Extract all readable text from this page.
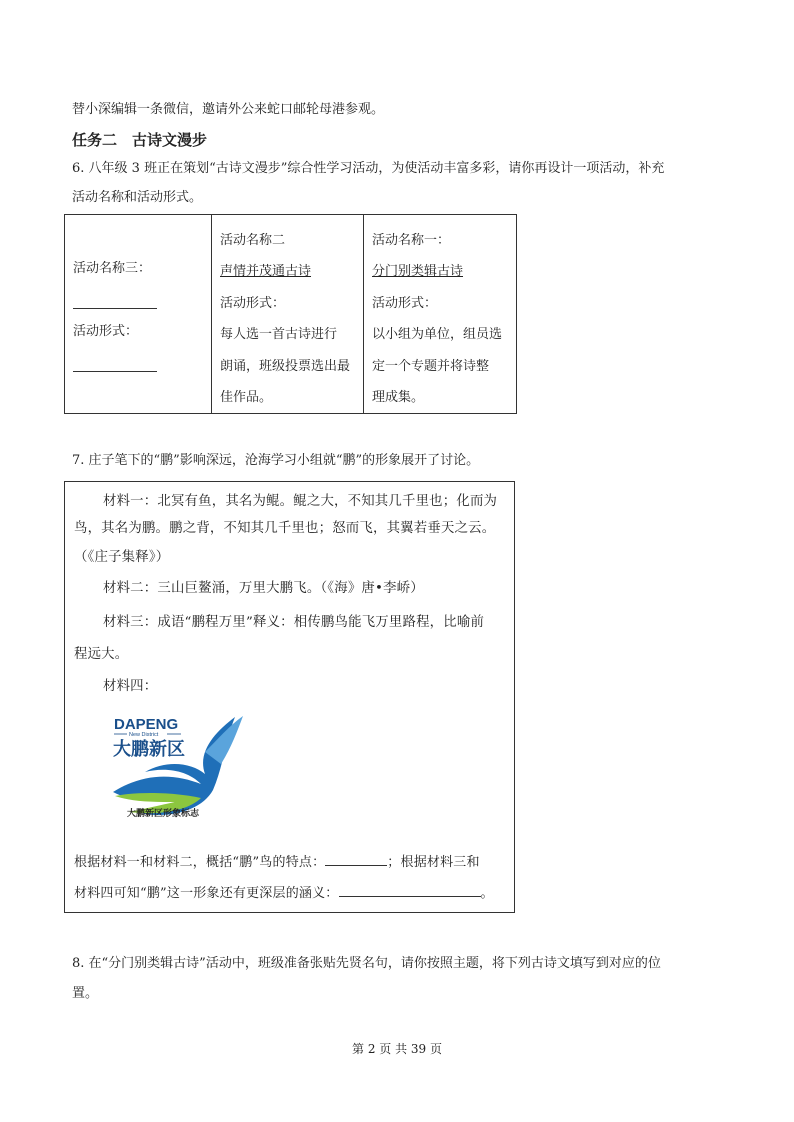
替小深编辑一条微信，邀请外公来蛇口邮轮母港参观。
任务二　古诗文漫步
6. 八年级 3 班正在策划“古诗文漫步”综合性学习活动，为使活动丰富多彩，请你再设计一项活动，补充
活动名称和活动形式。
活动名称三：
活动形式：

活动名称二
声情并茂通古诗
活动形式：
每人选一首古诗进行
朗诵，班级投票选出最
佳作品。

活动名称一：
分门别类辑古诗
活动形式：
以小组为单位，组员选
定一个专题并将诗整
理成集。
7. 庄子笔下的“鹏”影响深远，沧海学习小组就“鹏”的形象展开了讨论。
材料一：北冥有鱼，其名为鲲。鲲之大，不知其几千里也；化而为
鸟，其名为鹏。鹏之背，不知其几千里也；怒而飞，其翼若垂天之云。
（《庄子集释》）
材料二：三山巨鳌涌，万里大鹏飞。（《海》唐•李峤）
材料三：成语“鹏程万里”释义：相传鹏鸟能飞万里路程，比喻前
程远大。
材料四：
DAPENG
New District
大鹏新区
大鹏新区形象标志
根据材料一和材料二，概括“鹏”鸟的特点：	；根据材料三和
材料四可知“鹏”这一形象还有更深层的涵义：	。
8. 在“分门别类辑古诗”活动中，班级准备张贴先贤名句，请你按照主题，将下列古诗文填写到对应的位
置。
第 2 页 共 39 页
